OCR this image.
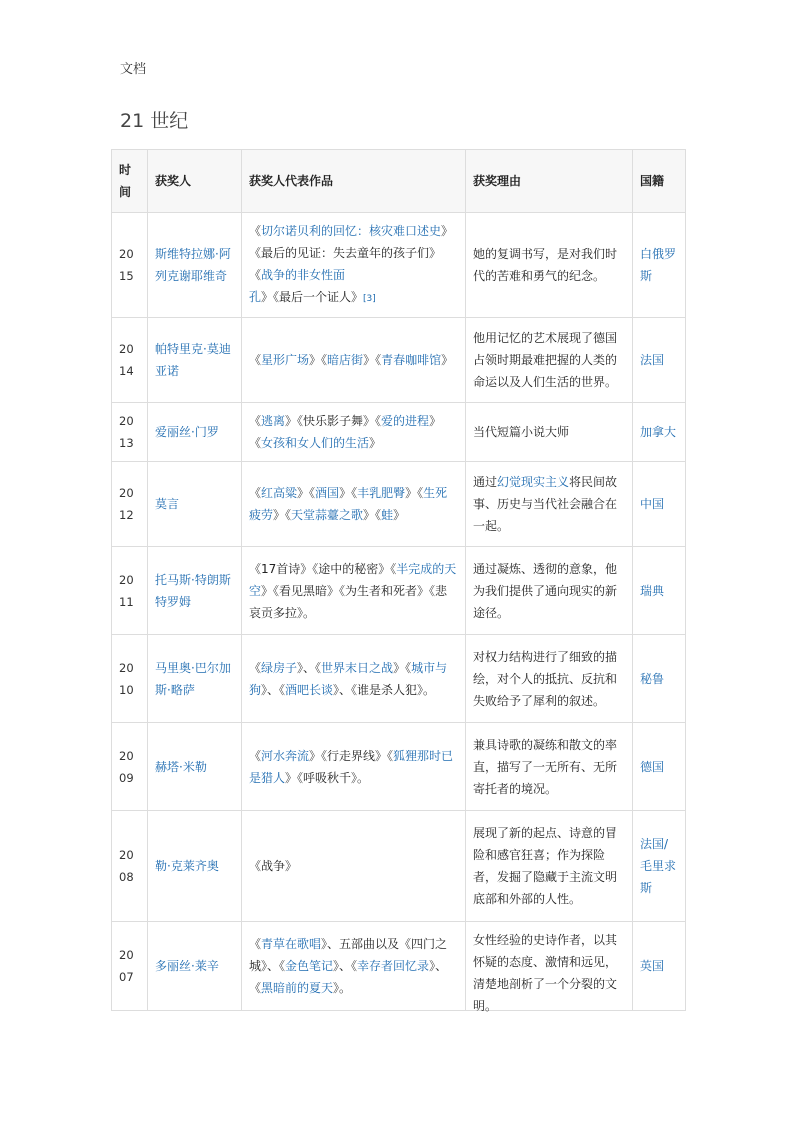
文档
21 世纪
时间	获奖人	获奖人代表作品	获奖理由	国籍
2015	斯维特拉娜·阿列克谢耶维奇	《切尔诺贝利的回忆：核灾难口述史》《最后的见证：失去童年的孩子们》《战争的非女性面孔》《最后一个证人》[3]	她的复调书写，是对我们时代的苦难和勇气的纪念。	白俄罗斯
2014	帕特里克·莫迪亚诺	《星形广场》《暗店街》《青春咖啡馆》	他用记忆的艺术展现了德国占领时期最难把握的人类的命运以及人们生活的世界。	法国
2013	爱丽丝·门罗	《逃离》《快乐影子舞》《爱的进程》《女孩和女人们的生活》	当代短篇小说大师	加拿大
2012	莫言	《红高粱》《酒国》《丰乳肥臀》《生死疲劳》《天堂蒜薹之歌》《蛙》	通过幻觉现实主义将民间故事、历史与当代社会融合在一起。	中国
2011	托马斯·特朗斯特罗姆	《17首诗》《途中的秘密》《半完成的天空》《看见黑暗》《为生者和死者》《悲哀贡多拉》。	通过凝炼、透彻的意象，他为我们提供了通向现实的新途径。	瑞典
2010	马里奥·巴尔加斯·略萨	《绿房子》、《世界末日之战》《城市与狗》、《酒吧长谈》、《谁是杀人犯》。	对权力结构进行了细致的描绘，对个人的抵抗、反抗和失败给予了犀利的叙述。	秘鲁
2009	赫塔·米勒	《河水奔流》《行走界线》《狐狸那时已是猎人》《呼吸秋千》。	兼具诗歌的凝练和散文的率直，描写了一无所有、无所寄托者的境况。	德国
2008	勒·克莱齐奥	《战争》	展现了新的起点、诗意的冒险和感官狂喜；作为探险者，发掘了隐藏于主流文明底部和外部的人性。	法国/毛里求斯
2007	多丽丝·莱辛	《青草在歌唱》、五部曲以及《四门之城》、《金色笔记》、《幸存者回忆录》、《黑暗前的夏天》。	女性经验的史诗作者，以其怀疑的态度、激情和远见，清楚地剖析了一个分裂的文明。	英国
